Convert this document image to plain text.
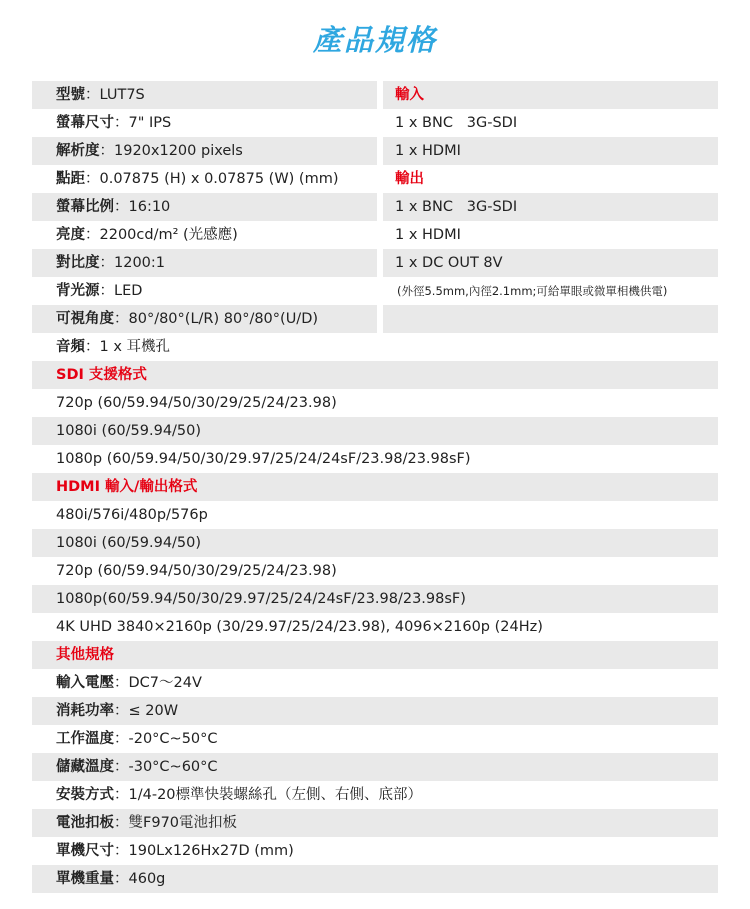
產品規格
型號：LUT7S	輸入
螢幕尺寸：7" IPS	1 x BNC   3G-SDI
解析度：1920x1200 pixels	1 x HDMI
點距：0.07875 (H) x 0.07875 (W) (mm)	輸出
螢幕比例：16:10	1 x BNC   3G-SDI
亮度：2200cd/m² (光感應)	1 x HDMI
對比度：1200:1	1 x DC OUT 8V
背光源：LED	(外徑5.5mm,內徑2.1mm;可給單眼或微單相機供電)
可視角度：80°/80°(L/R) 80°/80°(U/D)
音頻：1 x 耳機孔
SDI 支援格式
720p (60/59.94/50/30/29/25/24/23.98)
1080i (60/59.94/50)
1080p (60/59.94/50/30/29.97/25/24/24sF/23.98/23.98sF)
HDMI 輸入/輸出格式
480i/576i/480p/576p
1080i (60/59.94/50)
720p (60/59.94/50/30/29/25/24/23.98)
1080p(60/59.94/50/30/29.97/25/24/24sF/23.98/23.98sF)
4K UHD 3840×2160p (30/29.97/25/24/23.98), 4096×2160p (24Hz)
其他規格
輸入電壓：DC7～24V
消耗功率：≤ 20W
工作溫度：-20°C~50°C
儲藏溫度：-30°C~60°C
安裝方式：1/4-20標準快裝螺絲孔（左側、右側、底部）
電池扣板：雙F970電池扣板
單機尺寸：190Lx126Hx27D (mm)
單機重量：460g
